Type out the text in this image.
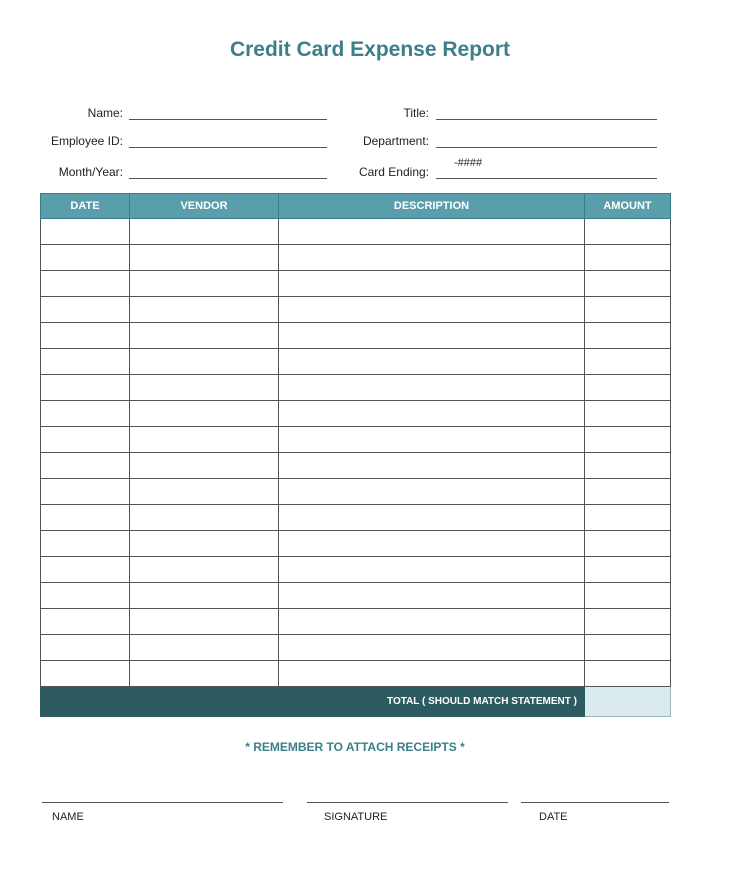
Credit Card Expense Report
Name:
Employee ID:
Month/Year:
Title:
Department:
Card Ending:
-####
DATE	VENDOR	DESCRIPTION	AMOUNT

TOTAL ( SHOULD MATCH STATEMENT )			
* REMEMBER TO ATTACH RECEIPTS *
NAME	SIGNATURE	DATE
